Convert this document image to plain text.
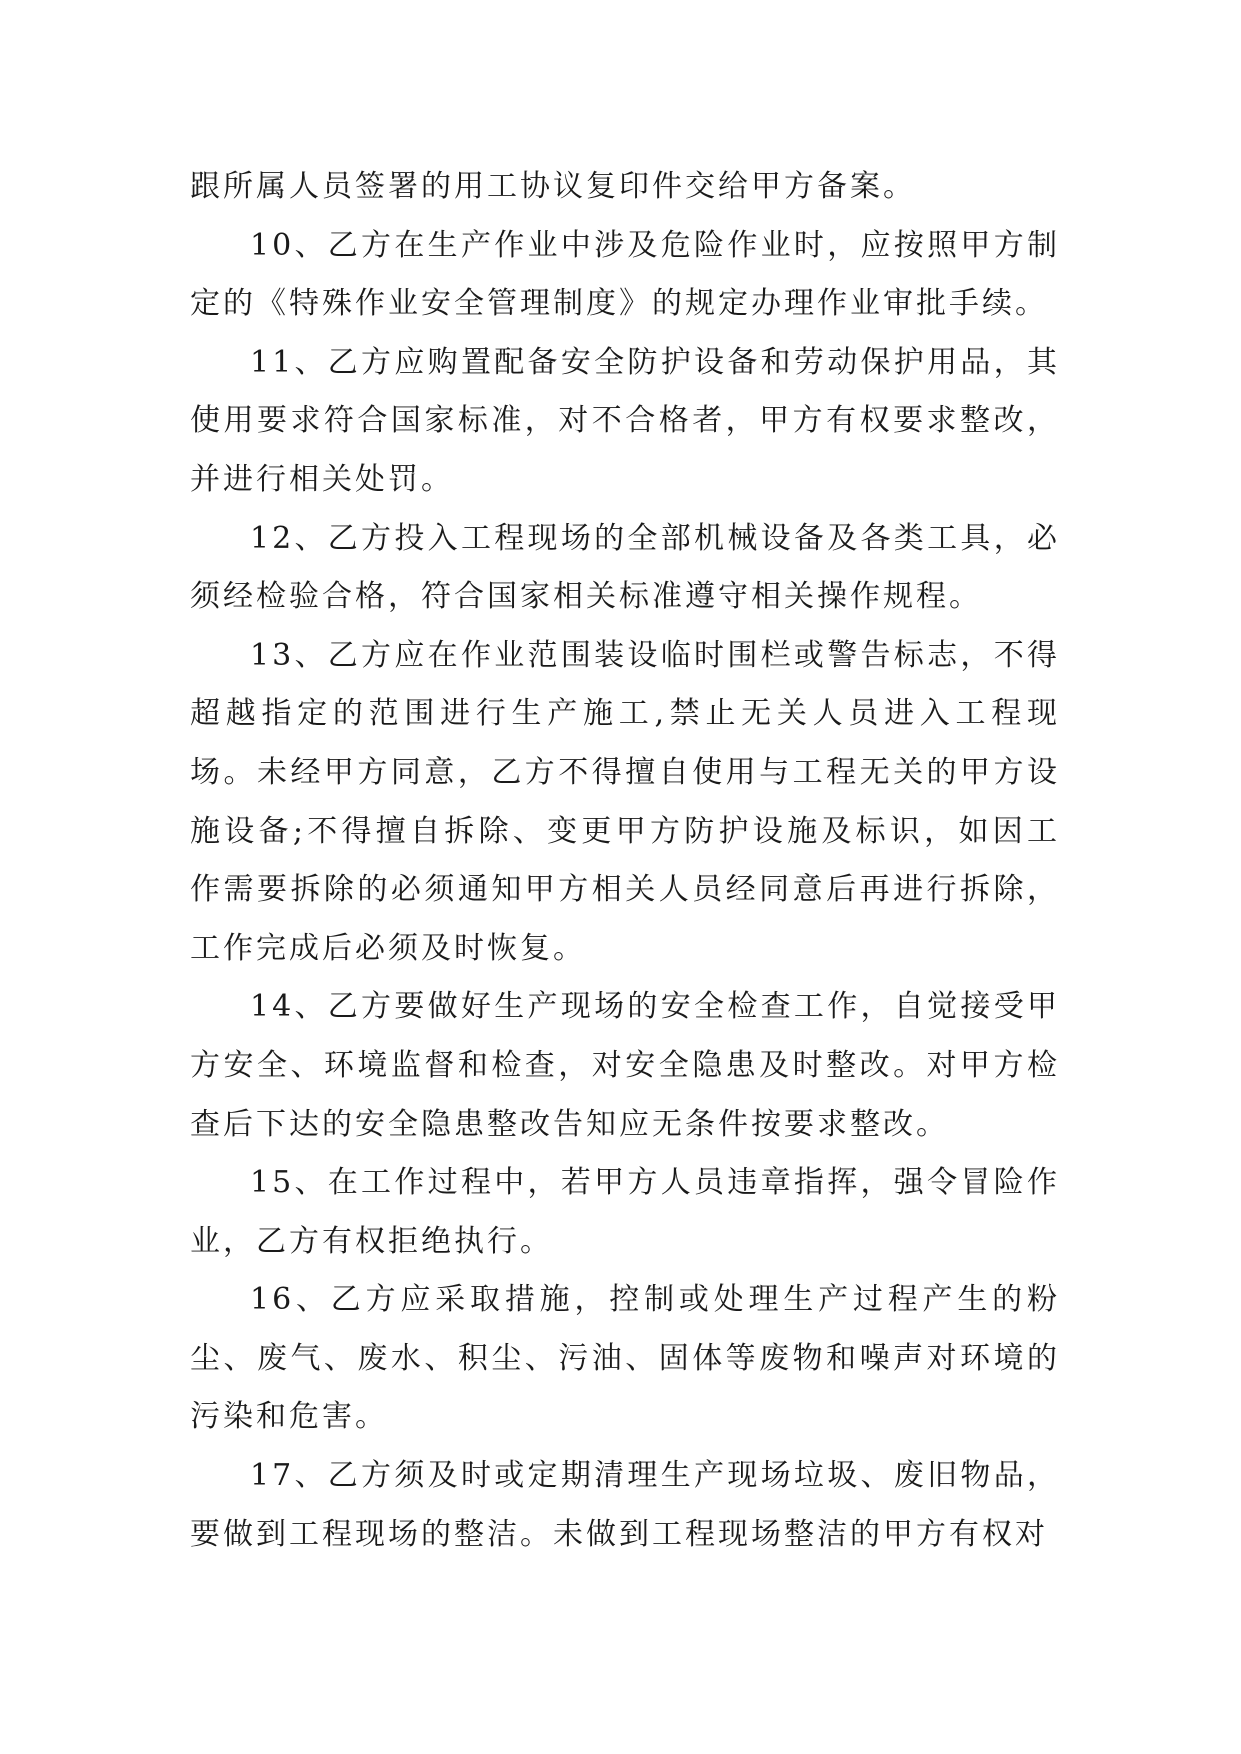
跟所属人员签署的用工协议复印件交给甲方备案。

10、乙方在生产作业中涉及危险作业时，应按照甲方制定的《特殊作业安全管理制度》的规定办理作业审批手续。

11、乙方应购置配备安全防护设备和劳动保护用品，其使用要求符合国家标准，对不合格者，甲方有权要求整改，并进行相关处罚。

12、乙方投入工程现场的全部机械设备及各类工具，必须经检验合格，符合国家相关标准遵守相关操作规程。

13、乙方应在作业范围装设临时围栏或警告标志，不得超越指定的范围进行生产施工,禁止无关人员进入工程现场。未经甲方同意，乙方不得擅自使用与工程无关的甲方设施设备;不得擅自拆除、变更甲方防护设施及标识，如因工作需要拆除的必须通知甲方相关人员经同意后再进行拆除，工作完成后必须及时恢复。

14、乙方要做好生产现场的安全检查工作，自觉接受甲方安全、环境监督和检查，对安全隐患及时整改。对甲方检查后下达的安全隐患整改告知应无条件按要求整改。

15、在工作过程中，若甲方人员违章指挥，强令冒险作业，乙方有权拒绝执行。

16、乙方应采取措施，控制或处理生产过程产生的粉尘、废气、废水、积尘、污油、固体等废物和噪声对环境的污染和危害。

17、乙方须及时或定期清理生产现场垃圾、废旧物品，要做到工程现场的整洁。未做到工程现场整洁的甲方有权对
